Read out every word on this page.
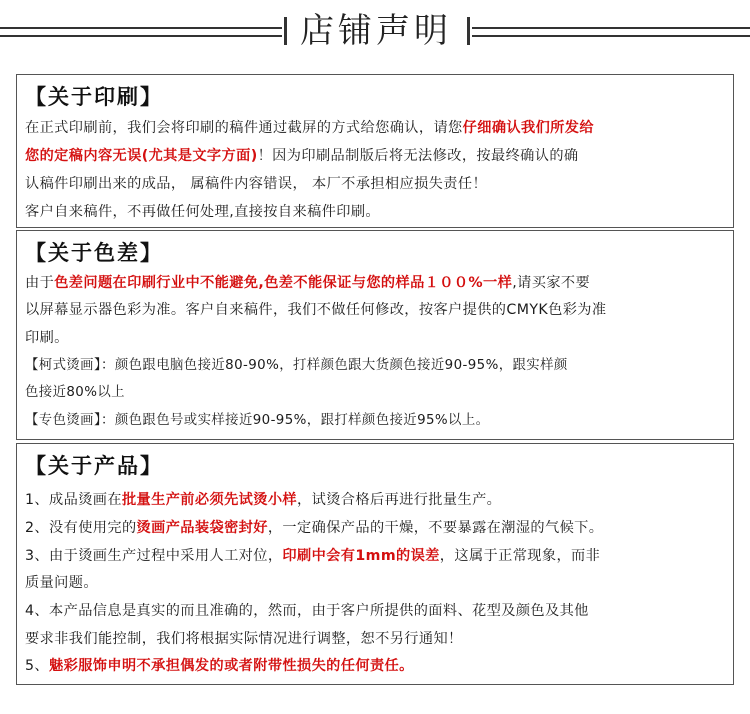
店铺声明
【关于印刷】
在正式印刷前，我们会将印刷的稿件通过截屏的方式给您确认，请您仔细确认我们所发给
您的定稿内容无误(尤其是文字方面)！因为印刷品制版后将无法修改，按最终确认的确
认稿件印刷出来的成品， 属稿件内容错误， 本厂不承担相应损失责任！
客户自来稿件，不再做任何处理,直接按自来稿件印刷。
【关于色差】
由于色差问题在印刷行业中不能避免,色差不能保证与您的样品１００%一样,请买家不要
以屏幕显示器色彩为准。客户自来稿件，我们不做任何修改，按客户提供的CMYK色彩为准
印刷。
【柯式烫画】：颜色跟电脑色接近80-90%，打样颜色跟大货颜色接近90-95%，跟实样颜
色接近80%以上
【专色烫画】：颜色跟色号或实样接近90-95%，跟打样颜色接近95%以上。
【关于产品】
1、成品烫画在批量生产前必须先试烫小样，试烫合格后再进行批量生产。
2、没有使用完的烫画产品装袋密封好，一定确保产品的干燥，不要暴露在潮湿的气候下。
3、由于烫画生产过程中采用人工对位，印刷中会有1mm的误差，这属于正常现象，而非
质量问题。
4、本产品信息是真实的而且准确的，然而，由于客户所提供的面料、花型及颜色及其他
要求非我们能控制，我们将根据实际情况进行调整，恕不另行通知！
5、魅彩服饰申明不承担偶发的或者附带性损失的任何责任。
